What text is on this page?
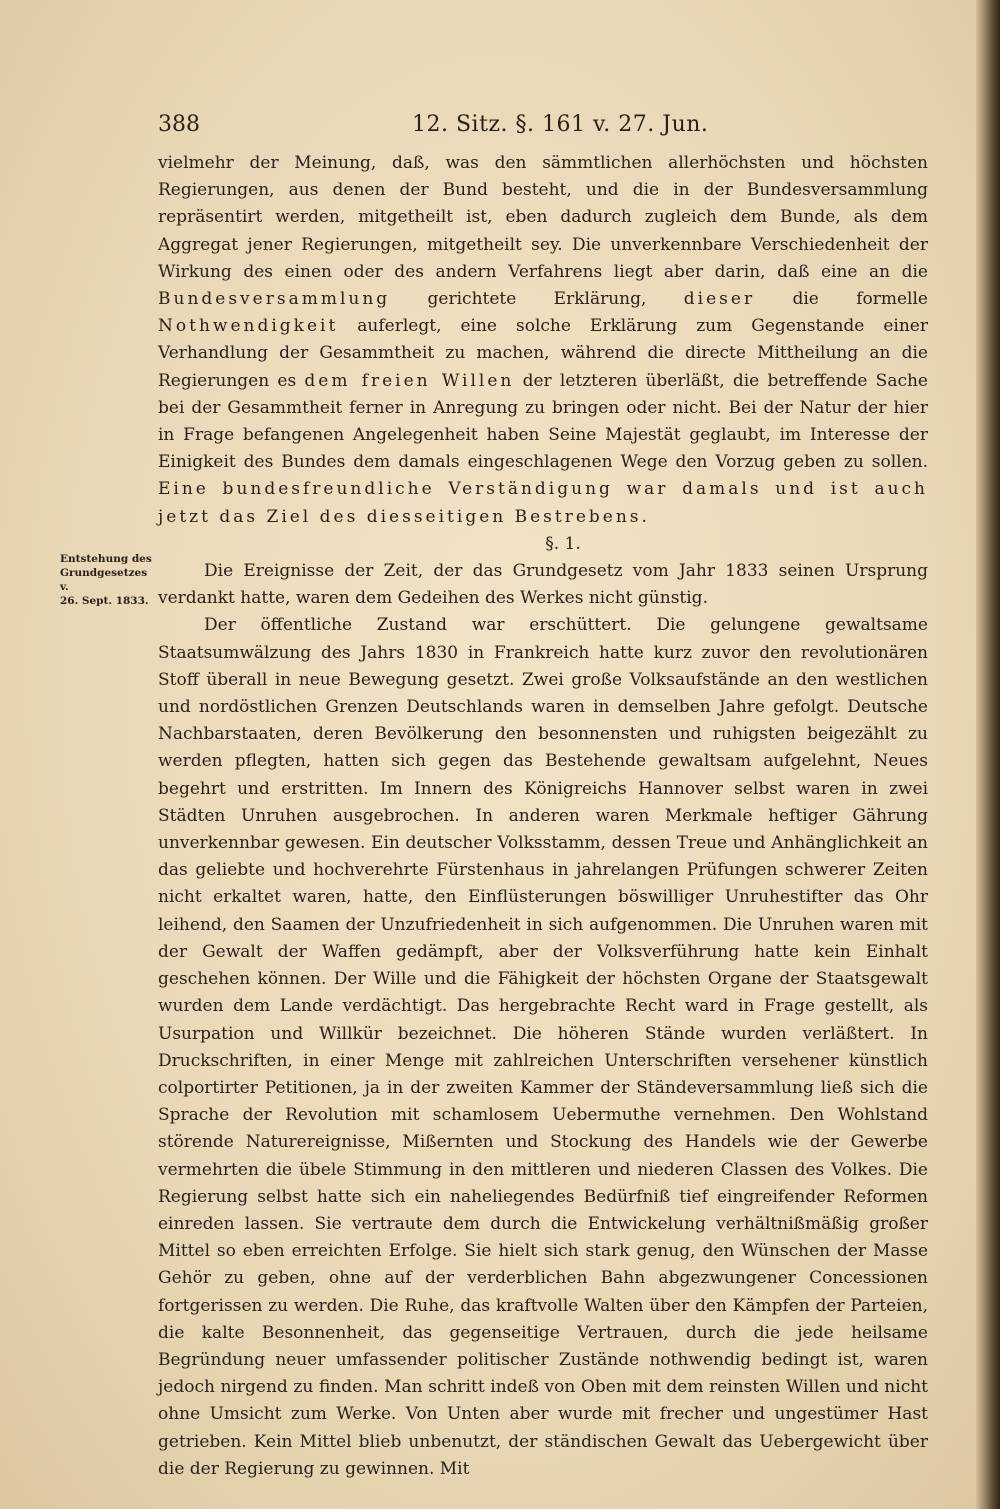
388	12. Sitz. §. 161 v. 27. Jun.
Entstehung des
Grundgesetzes v.
26. Sept. 1833.

vielmehr der Meinung, daß, was den sämmtlichen allerhöchsten und höchsten Regierungen, aus denen der Bund besteht, und die in der Bundesversammlung repräsentirt werden, mitgetheilt ist, eben dadurch zugleich dem Bunde, als dem Aggregat jener Regierungen, mitgetheilt sey. Die unverkennbare Verschiedenheit der Wirkung des einen oder des andern Verfahrens liegt aber darin, daß eine an die Bundesversammlung gerichtete Erklärung, dieser die formelle Nothwendigkeit auferlegt, eine solche Erklärung zum Gegenstande einer Verhandlung der Gesammtheit zu machen, während die directe Mittheilung an die Regierungen es dem freien Willen der letzteren überläßt, die betreffende Sache bei der Gesammtheit ferner in Anregung zu bringen oder nicht. Bei der Natur der hier in Frage befangenen Angelegenheit haben Seine Majestät geglaubt, im Interesse der Einigkeit des Bundes dem damals eingeschlagenen Wege den Vorzug geben zu sollen. Eine bundesfreundliche Verständigung war damals und ist auch jetzt das Ziel des diesseitigen Bestrebens.

§. 1.

Die Ereignisse der Zeit, der das Grundgesetz vom Jahr 1833 seinen Ursprung verdankt hatte, waren dem Gedeihen des Werkes nicht günstig.

Der öffentliche Zustand war erschüttert. Die gelungene gewaltsame Staatsumwälzung des Jahrs 1830 in Frankreich hatte kurz zuvor den revolutionären Stoff überall in neue Bewegung gesetzt. Zwei große Volksaufstände an den westlichen und nordöstlichen Grenzen Deutschlands waren in demselben Jahre gefolgt. Deutsche Nachbarstaaten, deren Bevölkerung den besonnensten und ruhigsten beigezählt zu werden pflegten, hatten sich gegen das Bestehende gewaltsam aufgelehnt, Neues begehrt und erstritten. Im Innern des Königreichs Hannover selbst waren in zwei Städten Unruhen ausgebrochen. In anderen waren Merkmale heftiger Gährung unverkennbar gewesen. Ein deutscher Volksstamm, dessen Treue und Anhänglichkeit an das geliebte und hochverehrte Fürstenhaus in jahrelangen Prüfungen schwerer Zeiten nicht erkaltet waren, hatte, den Einflüsterungen böswilliger Unruhestifter das Ohr leihend, den Saamen der Unzufriedenheit in sich aufgenommen. Die Unruhen waren mit der Gewalt der Waffen gedämpft, aber der Volksverführung hatte kein Einhalt geschehen können. Der Wille und die Fähigkeit der höchsten Organe der Staatsgewalt wurden dem Lande verdächtigt. Das hergebrachte Recht ward in Frage gestellt, als Usurpation und Willkür bezeichnet. Die höheren Stände wurden verläßtert. In Druckschriften, in einer Menge mit zahlreichen Unterschriften versehener künstlich colportirter Petitionen, ja in der zweiten Kammer der Ständeversammlung ließ sich die Sprache der Revolution mit schamlosem Uebermuthe vernehmen. Den Wohlstand störende Naturereignisse, Mißernten und Stockung des Handels wie der Gewerbe vermehrten die übele Stimmung in den mittleren und niederen Classen des Volkes. Die Regierung selbst hatte sich ein naheliegendes Bedürfniß tief eingreifender Reformen einreden lassen. Sie vertraute dem durch die Entwickelung verhältnißmäßig großer Mittel so eben erreichten Erfolge. Sie hielt sich stark genug, den Wünschen der Masse Gehör zu geben, ohne auf der verderblichen Bahn abgezwungener Concessionen fortgerissen zu werden. Die Ruhe, das kraftvolle Walten über den Kämpfen der Parteien, die kalte Besonnenheit, das gegenseitige Vertrauen, durch die jede heilsame Begründung neuer umfassender politischer Zustände nothwendig bedingt ist, waren jedoch nirgend zu finden. Man schritt indeß von Oben mit dem reinsten Willen und nicht ohne Umsicht zum Werke. Von Unten aber wurde mit frecher und ungestümer Hast getrieben. Kein Mittel blieb unbenutzt, der ständischen Gewalt das Uebergewicht über die der Regierung zu gewinnen. Mit
